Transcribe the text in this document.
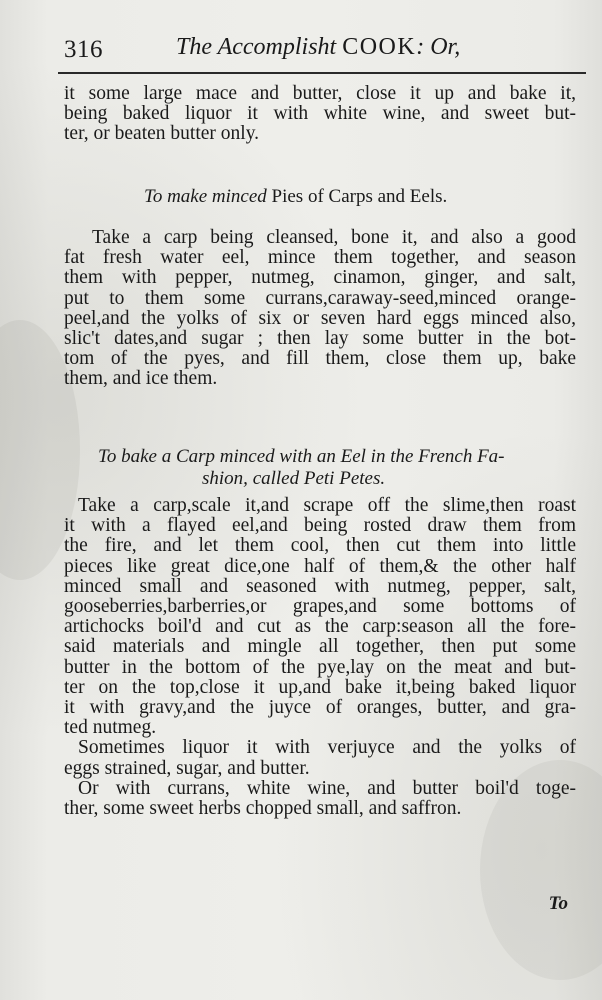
316	The Accomplisht COOK: Or,
it some large mace and butter, close it up and bake it,
being baked liquor it with white wine, and sweet but-
ter, or beaten butter only.
To make minced Pies of Carps and Eels.
Take a carp being cleansed, bone it, and also a good
fat fresh water eel, mince them together, and season
them with pepper, nutmeg, cinamon, ginger, and salt,
put to them some currans,caraway-seed,minced orange-
peel,and the yolks of six or seven hard eggs minced also,
slic't dates,and sugar ; then lay some butter in the bot-
tom of the pyes, and fill them, close them up, bake
them, and ice them.
To bake a Carp minced with an Eel in the French Fa-
shion, called Peti Petes.
Take a carp,scale it,and scrape off the slime,then roast
it with a flayed eel,and being rosted draw them from
the fire, and let them cool, then cut them into little
pieces like great dice,one half of them,& the other half
minced small and seasoned with nutmeg, pepper, salt,
gooseberries,barberries,or grapes,and some bottoms of
artichocks boil'd and cut as the carp:season all the fore-
said materials and mingle all together, then put some
butter in the bottom of the pye,lay on the meat and but-
ter on the top,close it up,and bake it,being baked liquor
it with gravy,and the juyce of oranges, butter, and gra-
ted nutmeg.
Sometimes liquor it with verjuyce and the yolks of
eggs strained, sugar, and butter.
Or with currans, white wine, and butter boil'd toge-
ther, some sweet herbs chopped small, and saffron.
To
